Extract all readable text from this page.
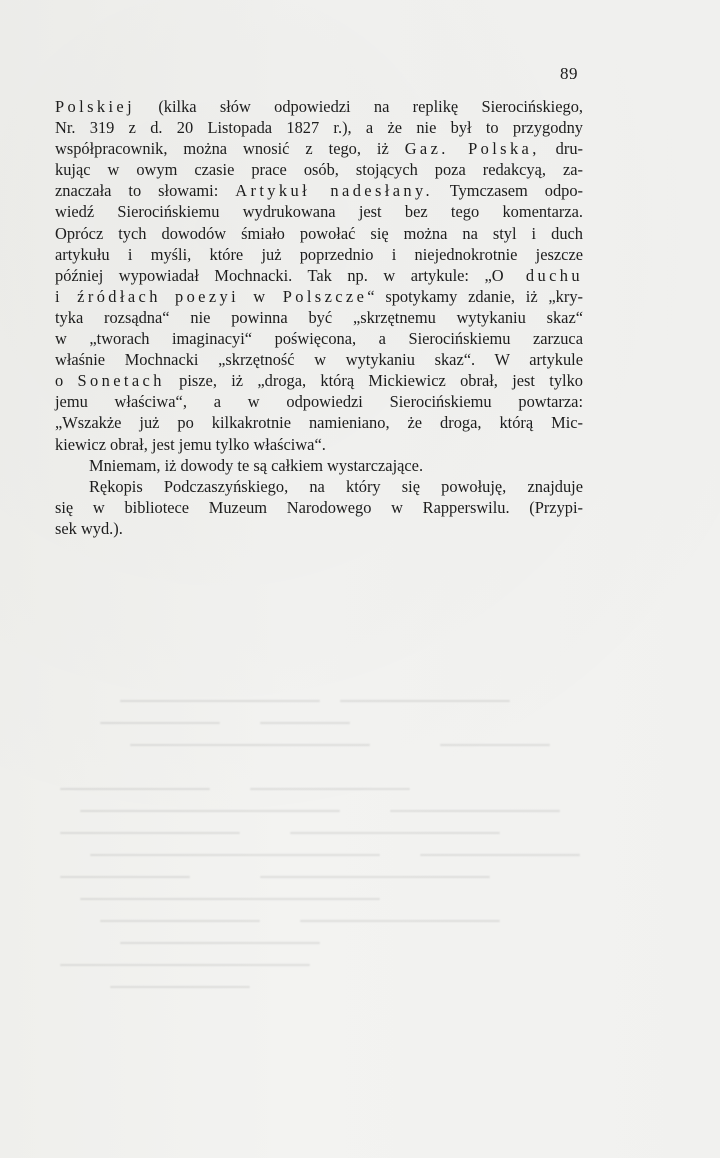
89
Polskiej (kilka słów odpowiedzi na replikę Sierocińskiego,
Nr. 319 z d. 20 Listopada 1827 r.), a że nie był to przygodny
współpracownik, można wnosić z tego, iż Gaz. Polska, dru-
kując w owym czasie prace osób, stojących poza redakcyą, za-
znaczała to słowami: Artykuł nadesłany. Tymczasem odpo-
wiedź Sierocińskiemu wydrukowana jest bez tego komentarza.
Oprócz tych dowodów śmiało powołać się można na styl i duch
artykułu i myśli, które już poprzednio i niejednokrotnie jeszcze
później wypowiadał Mochnacki. Tak np. w artykule: „O duchu
i źródłach poezyi w Polszcze“ spotykamy zdanie, iż „kry-
tyka rozsądna“ nie powinna być „skrzętnemu wytykaniu skaz“
w „tworach imaginacyi“ poświęcona, a Sierocińskiemu zarzuca
właśnie Mochnacki „skrzętność w wytykaniu skaz“. W artykule
o Sonetach pisze, iż „droga, którą Mickiewicz obrał, jest tylko
jemu właściwa“, a w odpowiedzi Sierocińskiemu powtarza:
„Wszakże już po kilkakrotnie namieniano, że droga, którą Mic-
kiewicz obrał, jest jemu tylko właściwa“.
Mniemam, iż dowody te są całkiem wystarczające.
Rękopis Podczaszyńskiego, na który się powołuję, znajduje
się w bibliotece Muzeum Narodowego w Rapperswilu. (Przypi-
sek wyd.).
